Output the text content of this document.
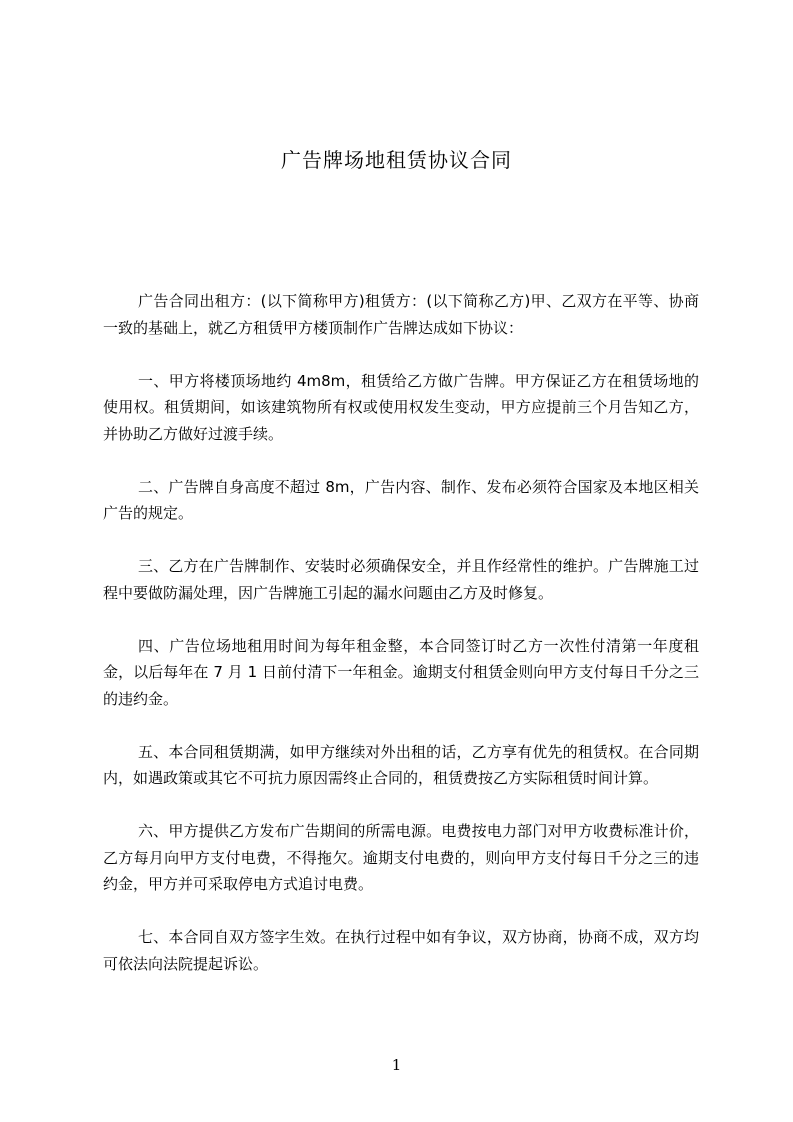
广告牌场地租赁协议合同

广告合同出租方：(以下简称甲方)租赁方：(以下简称乙方)甲、乙双方在平等、协商一致的基础上，就乙方租赁甲方楼顶制作广告牌达成如下协议：

一、甲方将楼顶场地约 4m8m，租赁给乙方做广告牌。甲方保证乙方在租赁场地的使用权。租赁期间，如该建筑物所有权或使用权发生变动，甲方应提前三个月告知乙方，并协助乙方做好过渡手续。

二、广告牌自身高度不超过 8m，广告内容、制作、发布必须符合国家及本地区相关广告的规定。

三、乙方在广告牌制作、安装时必须确保安全，并且作经常性的维护。广告牌施工过程中要做防漏处理，因广告牌施工引起的漏水问题由乙方及时修复。

四、广告位场地租用时间为每年租金整，本合同签订时乙方一次性付清第一年度租金，以后每年在 7 月 1 日前付清下一年租金。逾期支付租赁金则向甲方支付每日千分之三的违约金。

五、本合同租赁期满，如甲方继续对外出租的话，乙方享有优先的租赁权。在合同期内，如遇政策或其它不可抗力原因需终止合同的，租赁费按乙方实际租赁时间计算。

六、甲方提供乙方发布广告期间的所需电源。电费按电力部门对甲方收费标准计价，乙方每月向甲方支付电费，不得拖欠。逾期支付电费的，则向甲方支付每日千分之三的违约金，甲方并可采取停电方式追讨电费。

七、本合同自双方签字生效。在执行过程中如有争议，双方协商，协商不成，双方均可依法向法院提起诉讼。

1
